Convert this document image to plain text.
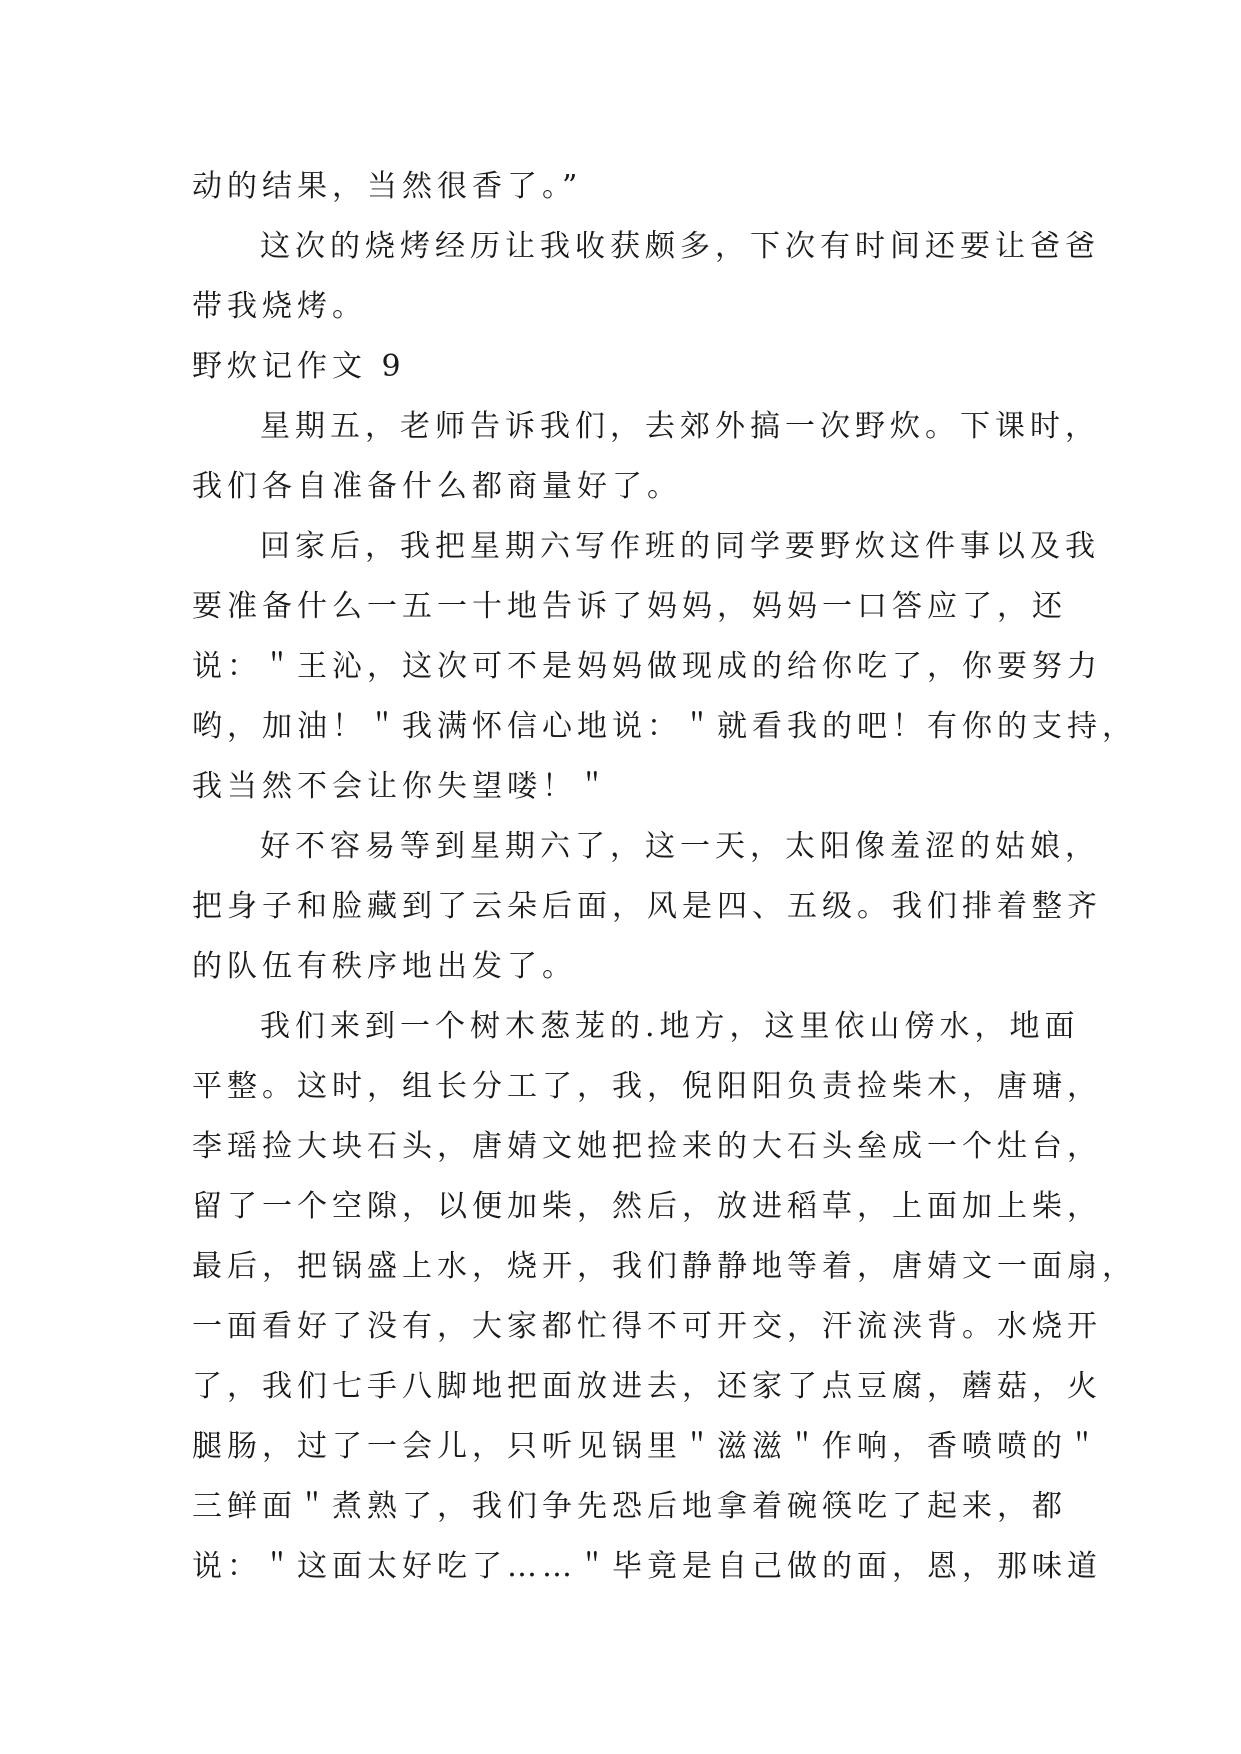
动的结果，当然很香了。”
这次的烧烤经历让我收获颇多，下次有时间还要让爸爸
带我烧烤。
野炊记作文 9
星期五，老师告诉我们，去郊外搞一次野炊。下课时，
我们各自准备什么都商量好了。
回家后，我把星期六写作班的同学要野炊这件事以及我
要准备什么一五一十地告诉了妈妈，妈妈一口答应了，还
说：＂王沁，这次可不是妈妈做现成的给你吃了，你要努力
哟，加油！＂我满怀信心地说：＂就看我的吧！有你的支持，
我当然不会让你失望喽！＂
好不容易等到星期六了，这一天，太阳像羞涩的姑娘，
把身子和脸藏到了云朵后面，风是四、五级。我们排着整齐
的队伍有秩序地出发了。
我们来到一个树木葱茏的.地方，这里依山傍水，地面
平整。这时，组长分工了，我，倪阳阳负责捡柴木，唐瑭，
李瑶捡大块石头，唐婧文她把捡来的大石头垒成一个灶台，
留了一个空隙，以便加柴，然后，放进稻草，上面加上柴，
最后，把锅盛上水，烧开，我们静静地等着，唐婧文一面扇，
一面看好了没有，大家都忙得不可开交，汗流浃背。水烧开
了，我们七手八脚地把面放进去，还家了点豆腐，蘑菇，火
腿肠，过了一会儿，只听见锅里＂滋滋＂作响，香喷喷的＂
三鲜面＂煮熟了，我们争先恐后地拿着碗筷吃了起来，都
说：＂这面太好吃了……＂毕竟是自己做的面，恩，那味道
